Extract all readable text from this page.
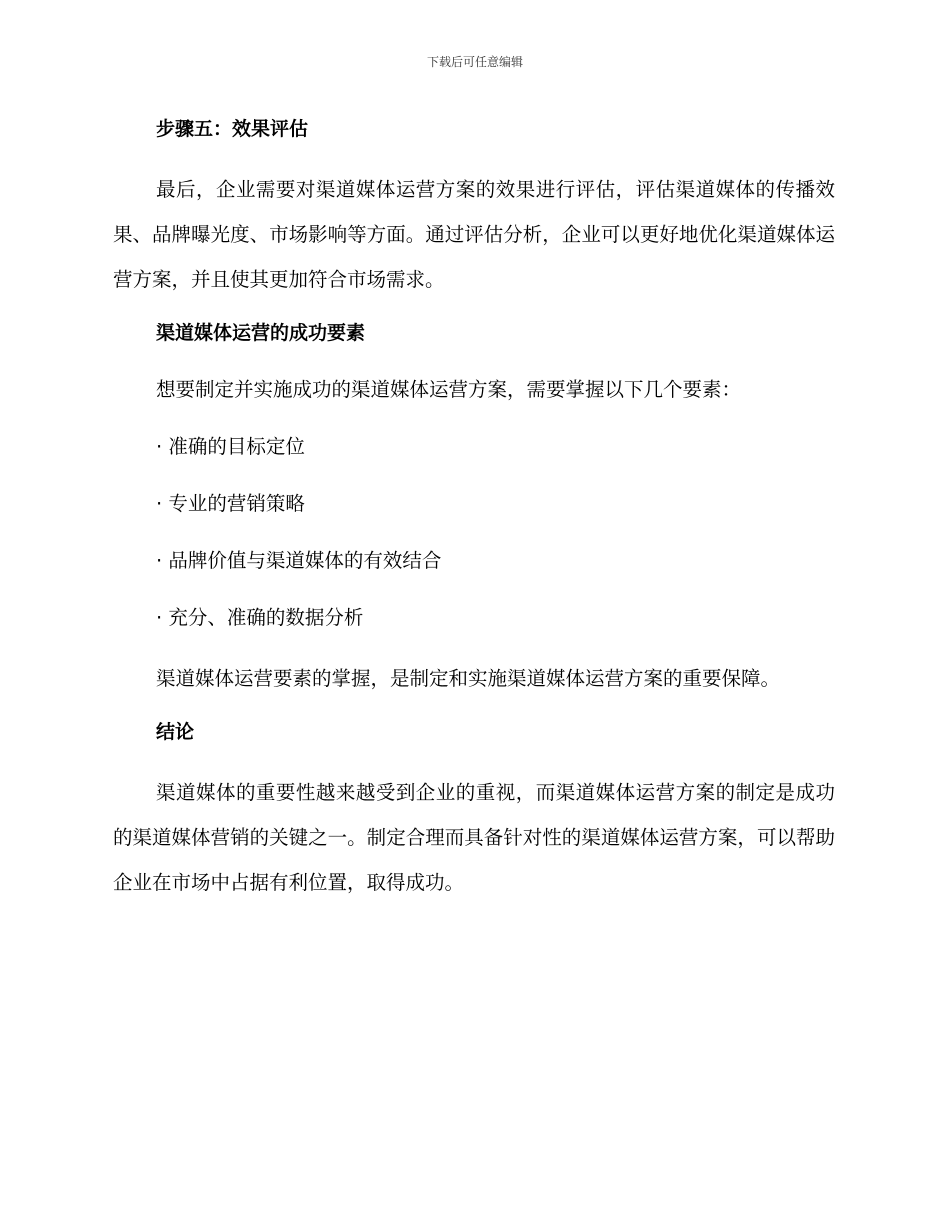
下载后可任意编辑
步骤五：效果评估
最后，企业需要对渠道媒体运营方案的效果进行评估，评估渠道媒体的传播效果、品牌曝光度、市场影响等方面。通过评估分析，企业可以更好地优化渠道媒体运营方案，并且使其更加符合市场需求。
渠道媒体运营的成功要素
想要制定并实施成功的渠道媒体运营方案，需要掌握以下几个要素：
· 准确的目标定位
· 专业的营销策略
· 品牌价值与渠道媒体的有效结合
· 充分、准确的数据分析
渠道媒体运营要素的掌握，是制定和实施渠道媒体运营方案的重要保障。
结论
渠道媒体的重要性越来越受到企业的重视，而渠道媒体运营方案的制定是成功的渠道媒体营销的关键之一。制定合理而具备针对性的渠道媒体运营方案，可以帮助企业在市场中占据有利位置，取得成功。
